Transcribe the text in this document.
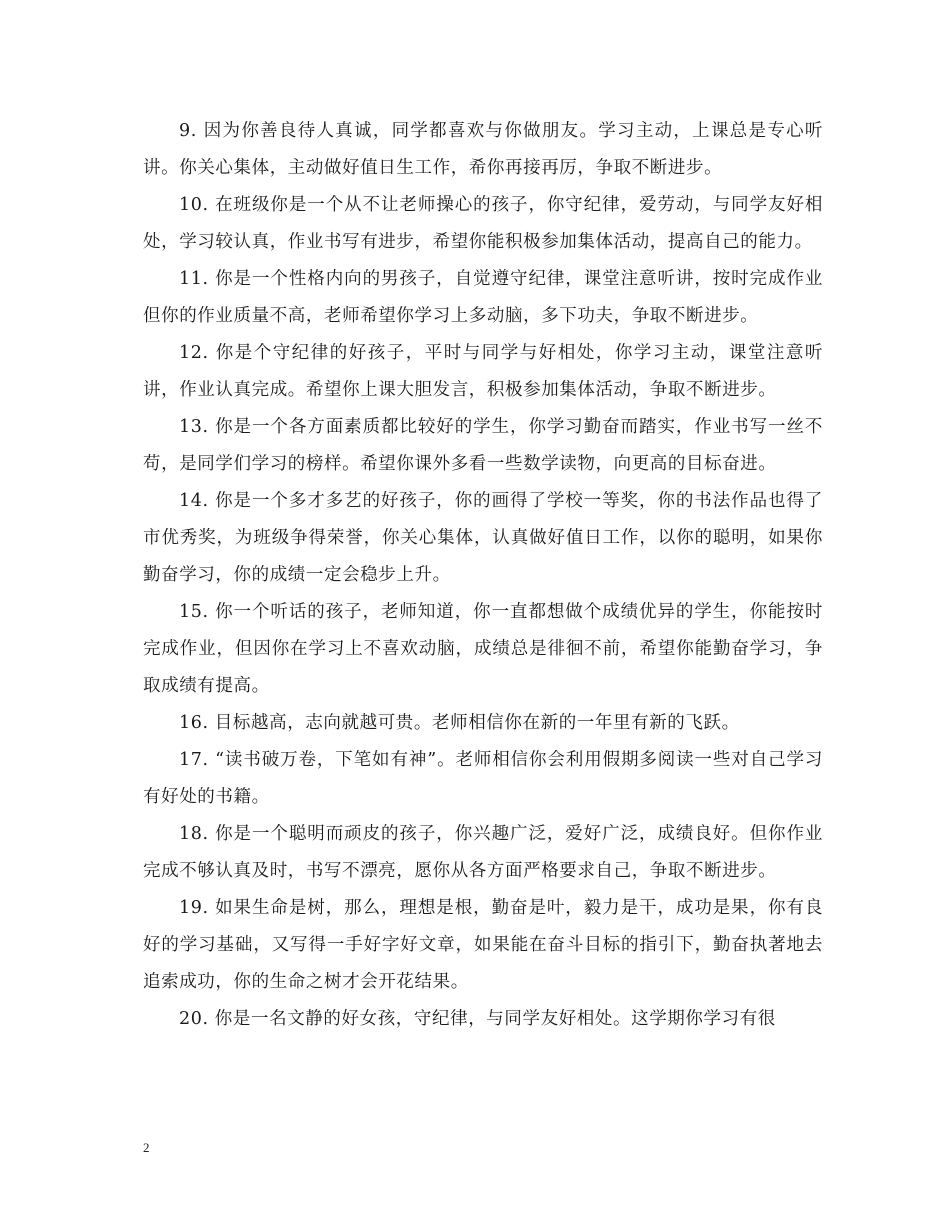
9. 因为你善良待人真诚，同学都喜欢与你做朋友。学习主动，上课总是专心听讲。你关心集体，主动做好值日生工作，希你再接再厉，争取不断进步。

10. 在班级你是一个从不让老师操心的孩子，你守纪律，爱劳动，与同学友好相处，学习较认真，作业书写有进步，希望你能积极参加集体活动，提高自己的能力。

11. 你是一个性格内向的男孩子，自觉遵守纪律，课堂注意听讲，按时完成作业但你的作业质量不高，老师希望你学习上多动脑，多下功夫，争取不断进步。

12. 你是个守纪律的好孩子，平时与同学与好相处，你学习主动，课堂注意听讲，作业认真完成。希望你上课大胆发言，积极参加集体活动，争取不断进步。

13. 你是一个各方面素质都比较好的学生，你学习勤奋而踏实，作业书写一丝不苟，是同学们学习的榜样。希望你课外多看一些数学读物，向更高的目标奋进。

14. 你是一个多才多艺的好孩子，你的画得了学校一等奖，你的书法作品也得了市优秀奖，为班级争得荣誉，你关心集体，认真做好值日工作，以你的聪明，如果你勤奋学习，你的成绩一定会稳步上升。

15. 你一个听话的孩子，老师知道，你一直都想做个成绩优异的学生，你能按时完成作业，但因你在学习上不喜欢动脑，成绩总是徘徊不前，希望你能勤奋学习，争取成绩有提高。

16. 目标越高，志向就越可贵。老师相信你在新的一年里有新的飞跃。

17. “读书破万卷，下笔如有神”。老师相信你会利用假期多阅读一些对自己学习有好处的书籍。

18. 你是一个聪明而顽皮的孩子，你兴趣广泛，爱好广泛，成绩良好。但你作业完成不够认真及时，书写不漂亮，愿你从各方面严格要求自己，争取不断进步。

19. 如果生命是树，那么，理想是根，勤奋是叶，毅力是干，成功是果，你有良好的学习基础，又写得一手好字好文章，如果能在奋斗目标的指引下，勤奋执著地去追索成功，你的生命之树才会开花结果。

20. 你是一名文静的好女孩，守纪律，与同学友好相处。这学期你学习有很

2
